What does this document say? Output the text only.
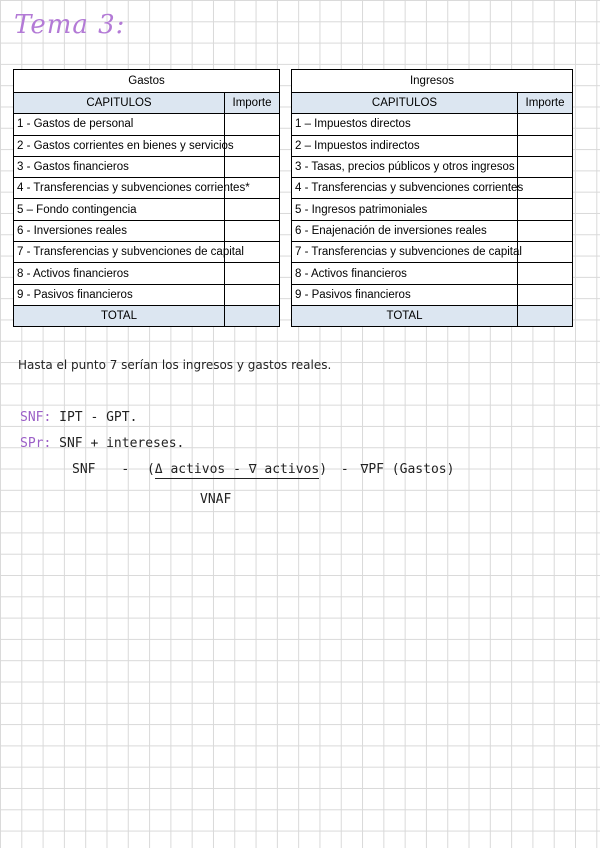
Tema 3:
Gastos	
CAPITULOS	Importe
1 - Gastos de personal	
2 - Gastos corrientes en bienes y servicios	
3 - Gastos financieros	
4 - Transferencias y subvenciones corrientes*	
5 – Fondo contingencia	
6 - Inversiones reales	
7 - Transferencias y subvenciones de capital	
8 - Activos financieros	
9 - Pasivos financieros	
TOTAL	
Ingresos	
CAPITULOS	Importe
1 – Impuestos directos	
2 – Impuestos indirectos	
3 - Tasas, precios públicos y otros ingresos	
4 - Transferencias y subvenciones corrientes	
5 - Ingresos patrimoniales	
6 - Enajenación de inversiones reales	
7 - Transferencias y subvenciones de capital	
8 - Activos financieros	
9 - Pasivos financieros	
TOTAL	
Hasta el punto 7 serían los ingresos y gastos reales.
SNF: IPT - GPT.
SPr: SNF + intereses.
SNF - (Δ activos - ∇ activos) - ∇PF (Gastos)
VNAF
